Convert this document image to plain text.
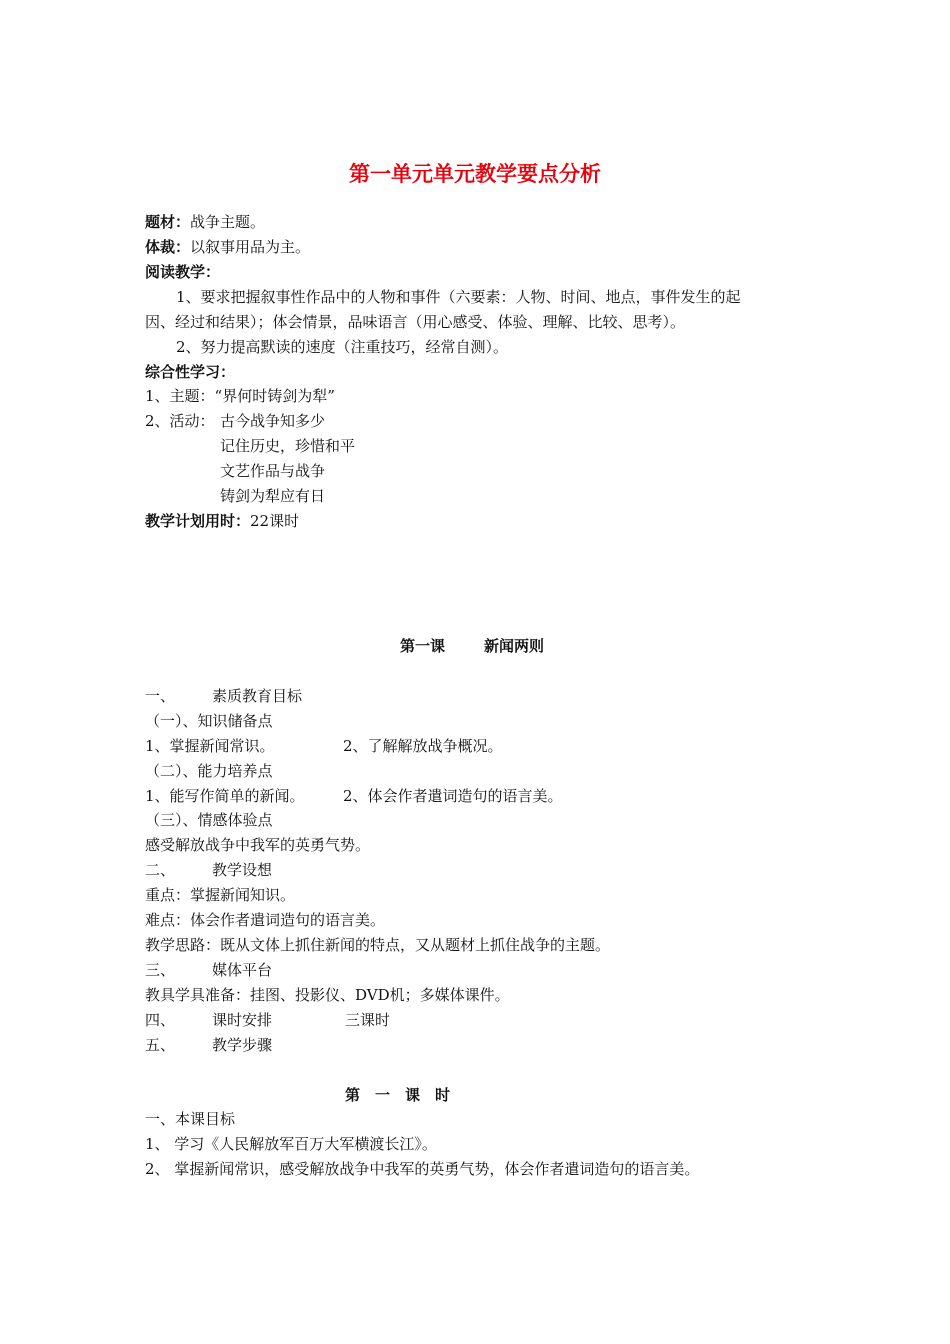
第一单元单元教学要点分析
题材：战争主题。
体裁：以叙事用品为主。
阅读教学：
1、要求把握叙事性作品中的人物和事件（六要素：人物、时间、地点，事件发生的起
因、经过和结果）；体会情景，品味语言（用心感受、体验、理解、比较、思考）。
2、努力提高默读的速度（注重技巧，经常自测）。
综合性学习：
1、主题：“界何时铸剑为犁”
2、活动： 古今战争知多少
记住历史，珍惜和平
文艺作品与战争
铸剑为犁应有日
教学计划用时：22课时
第一课	新闻两则
一、 素质教育目标
（一）、知识储备点
1、掌握新闻常识。	2、了解解放战争概况。
（二）、能力培养点
1、能写作简单的新闻。	2、体会作者遣词造句的语言美。
（三）、情感体验点
感受解放战争中我军的英勇气势。
二、 教学设想
重点：掌握新闻知识。
难点：体会作者遣词造句的语言美。
教学思路：既从文体上抓住新闻的特点，又从题材上抓住战争的主题。
三、 媒体平台
教具学具准备：挂图、投影仪、DVD机；多媒体课件。
四、 课时安排	三课时
五、 教学步骤
第　一　课　时
一、本课目标
1、 学习《人民解放军百万大军横渡长江》。
2、 掌握新闻常识，感受解放战争中我军的英勇气势，体会作者遣词造句的语言美。
